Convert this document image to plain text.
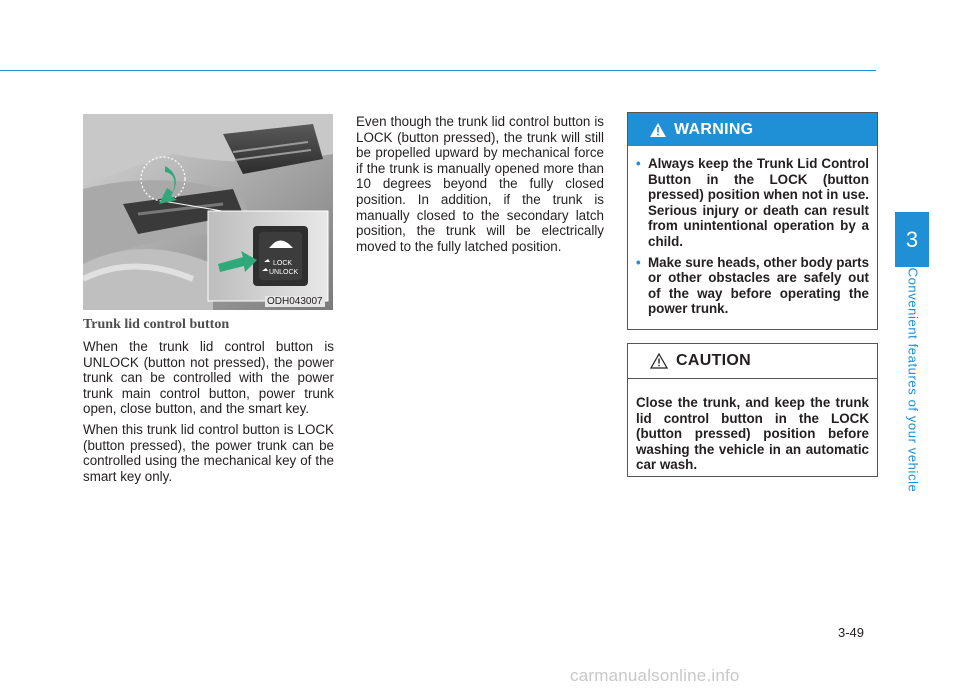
LOCK
UNLOCK
ODH043007

Trunk lid control button

When the trunk lid control button is UNLOCK (button not pressed), the power trunk can be controlled with the power trunk main control button, power trunk open, close button, and the smart key.

When this trunk lid control button is LOCK (button pressed), the power trunk can be controlled using the mechanical key of the smart key only.

Even though the trunk lid control button is LOCK (button pressed), the trunk will still be propelled upward by mechanical force if the trunk is manually opened more than 10 degrees beyond the fully closed position. In addition, if the trunk is manually closed to the secondary latch position, the trunk will be electrically moved to the fully latched position.

WARNING
• Always keep the Trunk Lid Control Button in the LOCK (button pressed) position when not in use. Serious injury or death can result from unintentional operation by a child.
• Make sure heads, other body parts or other obstacles are safely out of the way before operating the power trunk.
CAUTION
Close the trunk, and keep the trunk lid control button in the LOCK (button pressed) position before washing the vehicle in an automatic car wash.
3
Convenient features of your vehicle
3-49
carmanualsonline.info
